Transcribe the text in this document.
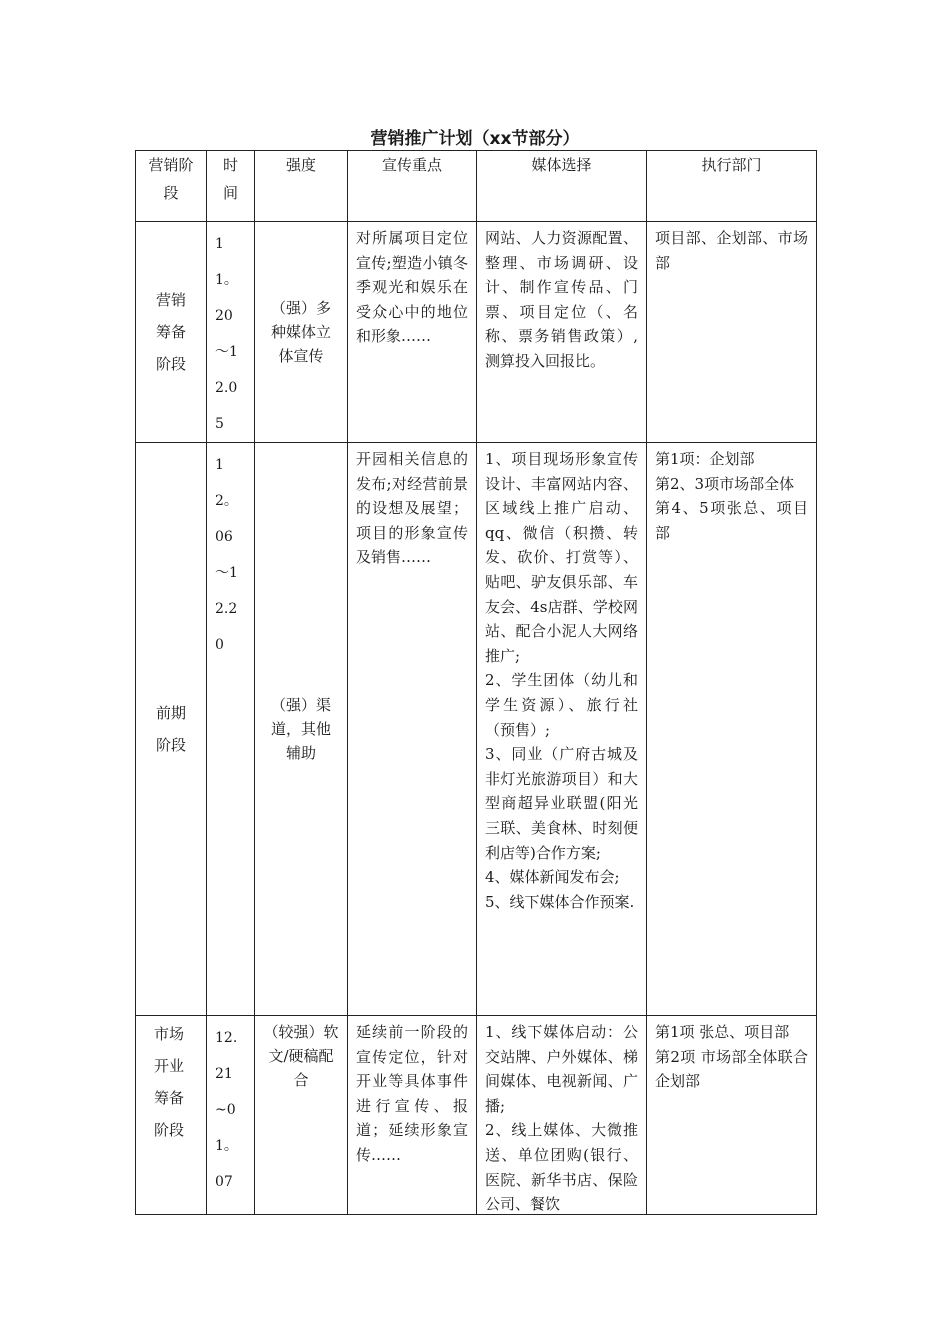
营销推广计划（xx节部分）
营销阶段	时间	强度	宣传重点	媒体选择	执行部门

营销筹备阶段	11。20～12.05	（强）多种媒体立体宣传	对所属项目定位宣传;塑造小镇冬季观光和娱乐在受众心中的地位和形象……	网站、人力资源配置、整理、市场调研、设计、制作宣传品、门票、项目定位（、名称、票务销售政策）,测算投入回报比。	项目部、企划部、市场部

前期阶段	12。06～12.20	（强）渠道，其他辅助	开园相关信息的发布;对经营前景的设想及展望；项目的形象宣传及销售……	1、项目现场形象宣传设计、丰富网站内容、区域线上推广启动、qq、微信（积攒、转发、砍价、打赏等）、贴吧、驴友俱乐部、车友会、4s店群、学校网站、配合小泥人大网络推广;
2、学生团体（幼儿和学生资源）、旅行社（预售）;
3、同业（广府古城及非灯光旅游项目）和大型商超异业联盟(阳光三联、美食林、时刻便利店等)合作方案;
4、媒体新闻发布会;
5、线下媒体合作预案.	第1项：企划部
第2、3项市场部全体
第4、5项张总、项目部

市场开业筹备阶段	12.21~01。07	（较强）软文/硬稿配合	延续前一阶段的宣传定位，针对开业等具体事件进行宣传、报道；延续形象宣传……	1、线下媒体启动：公交站牌、户外媒体、梯间媒体、电视新闻、广播;
2、线上媒体、大微推送、单位团购(银行、医院、新华书店、保险公司、餐饮	第1项 张总、项目部
第2项 市场部全体联合企划部
